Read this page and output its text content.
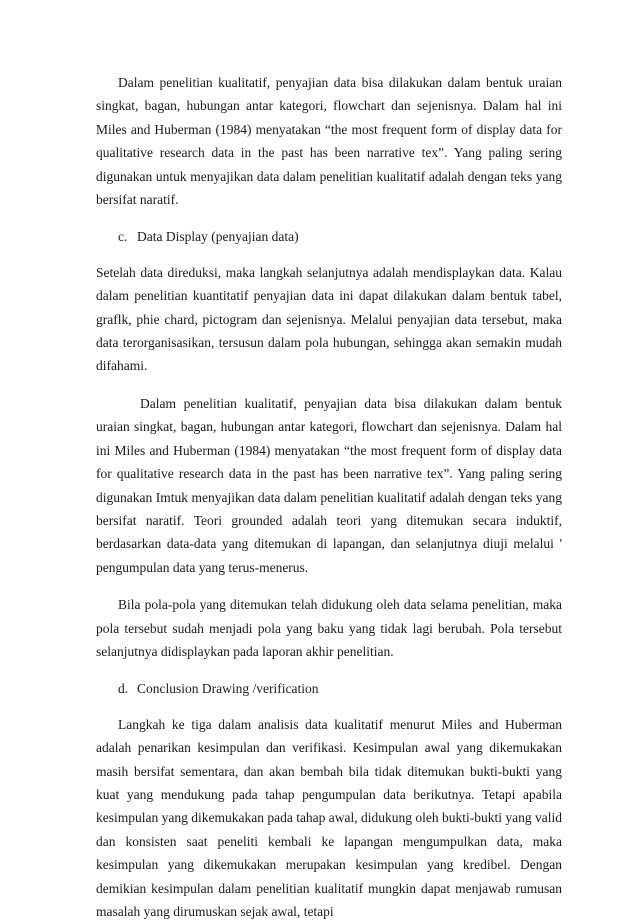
Dalam penelitian kualitatif, penyajian data bisa dilakukan dalam bentuk uraian singkat, bagan, hubungan antar kategori, flowchart dan sejenisnya. Dalam hal ini Miles and Huberman (1984) menyatakan “the most frequent form of display data for qualitative research data in the past has been narrative tex”. Yang paling sering digunakan untuk menyajikan data dalam penelitian kualitatif adalah dengan teks yang bersifat naratif.

c. Data Display (penyajian data)

Setelah data direduksi, maka langkah selanjutnya adalah mendisplaykan data. Kalau dalam penelitian kuantitatif penyajian data ini dapat dilakukan dalam bentuk tabel, graflk, phie chard, pictogram dan sejenisnya. Melalui penyajian data tersebut, maka data terorganisasikan, tersusun dalam pola hubungan, sehingga akan semakin mudah difahami.

Dalam penelitian kualitatif, penyajian data bisa dilakukan dalam bentuk uraian singkat, bagan, hubungan antar kategori, flowchart dan sejenisnya. Dalam hal ini Miles and Huberman (1984) menyatakan “the most frequent form of display data for qualitative research data in the past has been narrative tex”. Yang paling sering digunakan Imtuk menyajikan data dalam penelitian kualitatif adalah dengan teks yang bersifat naratif. Teori grounded adalah teori yang ditemukan secara induktif, berdasarkan data-data yang ditemukan di lapangan, dan selanjutnya diuji melalui ' pengumpulan data yang terus-menerus.

Bila pola-pola yang ditemukan telah didukung oleh data selama penelitian, maka pola tersebut sudah menjadi pola yang baku yang tidak lagi berubah. Pola tersebut selanjutnya didisplaykan pada laporan akhir penelitian.

d. Conclusion Drawing /verification

Langkah ke tiga dalam analisis data kualitatif menurut Miles and Huberman adalah penarikan kesimpulan dan verifikasi. Kesimpulan awal yang dikemukakan masih bersifat sementara, dan akan bembah bila tidak ditemukan bukti-bukti yang kuat yang mendukung pada tahap pengumpulan data berikutnya. Tetapi apabila kesimpulan yang dikemukakan pada tahap awal, didukung oleh bukti-bukti yang valid dan konsisten saat peneliti kembali ke lapangan mengumpulkan data, maka kesimpulan yang dikemukakan merupakan kesimpulan yang kredibel. Dengan demikian kesimpulan dalam penelitian kualitatif mungkin dapat menjawab rumusan masalah yang dirumuskan sejak awal, tetapi
